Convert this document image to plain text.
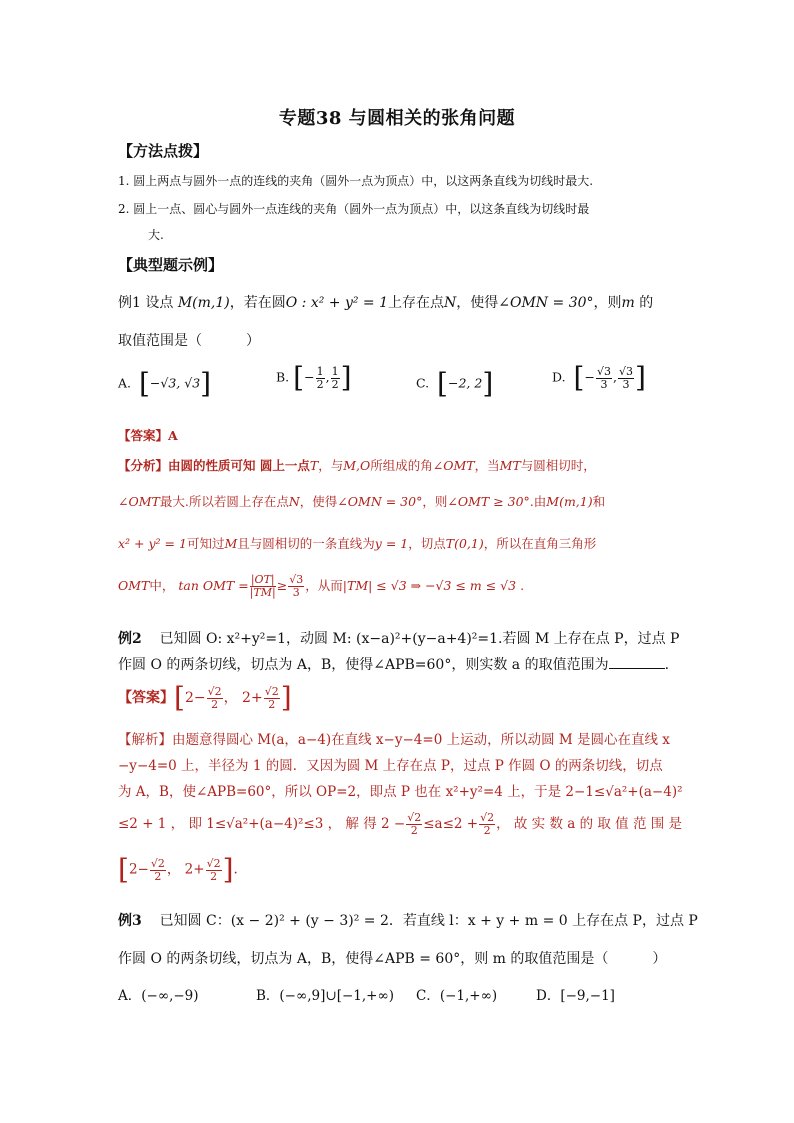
专题38 与圆相关的张角问题
【方法点拨】
1. 圆上两点与圆外一点的连线的夹角（圆外一点为顶点）中，以这两条直线为切线时最大.
2. 圆上一点、圆心与圆外一点连线的夹角（圆外一点为顶点）中，以这条直线为切线时最
大.
【典型题示例】
例1 设点 M(m,1)，若在圆O : x² + y² = 1上存在点N，使得∠OMN = 30°，则m 的
取值范围是（	）
A. [−√3, √3]	B. [− $\frac{1}{2}$ , $\frac{1}{2}$ ]	C. [−2, 2]	D. [− $\frac{√3}{3}$ , $\frac{√3}{3}$ ]
【答案】A
【分析】由圆的性质可知 圆上一点T，与M,O所组成的角∠OMT，当MT与圆相切时，
∠OMT最大.所以若圆上存在点N，使得∠OMN = 30°，则∠OMT ≥ 30°.由M(m,1)和
x² + y² = 1可知过M且与圆相切的一条直线为y = 1，切点T(0,1)，所以在直角三角形
OMT中， tan OMT = $\frac{|OT|}{|TM|} \ge \frac{√3}{3}$ ，从而|TM| ≤ √3 ⇒ −√3 ≤ m ≤ √3 .
例2 已知圆 O: x²+y²=1，动圆 M: (x−a)²+(y−a+4)²=1.若圆 M 上存在点 P，过点 P
作圆 O 的两条切线，切点为 A，B，使得∠APB=60°，则实数 a 的取值范围为	.
【答案】[$2- \frac{√2}{2}$ ， $2+ \frac{√2}{2}$ ]
【解析】由题意得圆心 M(a，a−4)在直线 x−y−4=0 上运动，所以动圆 M 是圆心在直线 x
−y−4=0 上，半径为 1 的圆．又因为圆 M 上存在点 P，过点 P 作圆 O 的两条切线，切点
为 A，B，使∠APB=60°，所以 OP=2，即点 P 也在 x²+y²=4 上，于是 2−1≤√a²+(a−4)²
≤2 + 1 ， 即 1≤√a²+(a−4)²≤3 ， 解 得 $2 - \frac{√2}{2} \le a\le 2 + \frac{√2}{2}$ ， 故 实 数 a 的 取 值 范 围 是
[$2- \frac{√2}{2}$ ， $2+ \frac{√2}{2}$ ].
例3 已知圆 C：(x − 2)² + (y − 3)² = 2．若直线 l：x + y + m = 0 上存在点 P，过点 P
作圆 O 的两条切线，切点为 A，B，使得∠APB = 60°，则 m 的取值范围是（	）
A．(−∞,−9)	B．(−∞,9]∪[−1,+∞) C．(−1,+∞)	D．[−9,−1]
